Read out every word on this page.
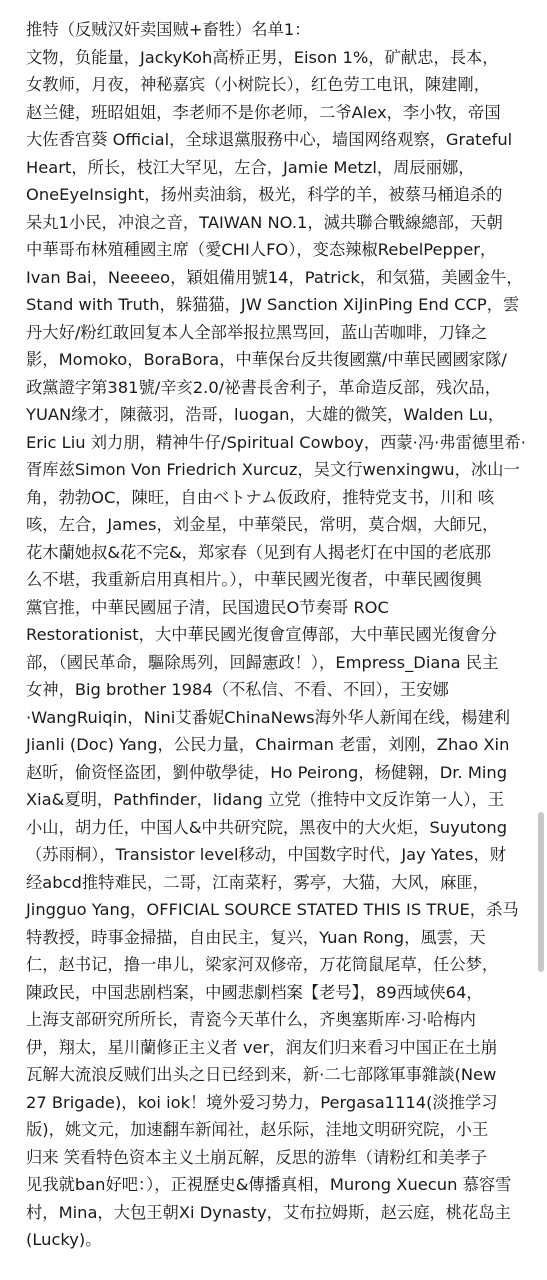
推特（反贼汉奸卖国贼+畜牲）名单1：
文物，负能量，JackyKoh高桥正男，Eison 1%，矿献忠，長本，
女教师，月夜，神秘嘉宾（小树院长），红色劳工电讯，陳建剛，
赵兰健，班昭姐姐，李老师不是你老师，二爷Alex，李小牧，帝国
大佐香宫葵 Official，全球退黨服務中心，墙国网络观察，Grateful
Heart，所长，枝江大罕见，左合，Jamie Metzl，周辰丽娜，
OneEyeInsight，扬州卖油翁，极光，科学的羊，被蔡马桶追杀的
呆丸1小民，冲浪之音，TAIWAN NO.1，滅共聯合戰線總部，天朝
中華哥布林殖種國主席（愛CHI人FO），变态辣椒RebelPepper，
Ivan Bai，Neeeeo，穎姐備用號14，Patrick，和気猫，美國金牛，
Stand with Truth，躲猫猫，JW Sanction XiJinPing End CCP，雲
丹大好/粉红敢回复本人全部举报拉黑骂回，蓝山苦咖啡，刀锋之
影，Momoko，BoraBora，中華保台反共復國黨/中華民國國家隊/
政黨證字第381號/辛亥2.0/祕書長舍利子，革命造反部，残次品，
YUAN缘才，陳薇羽，浩哥，luogan，大雄的微笑，Walden Lu，
Eric Liu 刘力朋，精神牛仔/Spiritual Cowboy，西蒙·冯·弗雷德里希·
胥库兹Simon Von Friedrich Xurcuz，吴文行wenxingwu，冰山一
角，勃勃OC，陳旺，自由ベトナム仮政府，推特党支书，川和 咳
咳，左合，James，刘金星，中華榮民，常明，莫合烟，大師兄，
花木蘭她叔&花不完&，郑家春（见到有人揭老灯在中国的老底那
么不堪，我重新启用真相片。），中華民國光復者，中華民國復興
黨官推，中華民國屈子清，民国遗民O节奏哥 ROC
Restorationist，大中華民國光復會宣傳部，大中華民國光復會分
部，（國民革命，驅除馬列，回歸憲政！），Empress_Diana 民主
女神，Big brother 1984（不私信、不看、不回），王安娜
·WangRuiqin，Nini艾番妮ChinaNews海外华人新闻在线，楊建利
Jianli (Doc) Yang，公民力量，Chairman 老雷，刘刚，Zhao Xin
赵昕，偷资怪盗团，劉仲敬學徒，Ho Peirong，杨健翱，Dr. Ming
Xia&夏明，Pathfinder，lidang 立党（推特中文反诈第一人），王
小山，胡力任，中国人&中共研究院，黑夜中的大火炬，Suyutong
（苏雨桐），Transistor level移动，中国数字时代，Jay Yates，财
经abcd推特难民，二哥，江南菜籽，雾亭，大猫，大风，麻匪，
Jingguo Yang，OFFICIAL SOURCE STATED THIS IS TRUE，杀马
特教授，時事金掃描，自由民主，复兴，Yuan Rong，風雲，天
仁，赵书记，撸一串儿，梁家河双修帝，万花筒鼠尾草，任公梦，
陳政民，中国悲剧档案，中國悲劇档案【老号】，89西域侠64，
上海支部研究所所长，青瓷今天革什么，齐奥塞斯库·习·哈梅内
伊，翔太，星川蘭修正主义者 ver，润友们归来看习中国正在土崩
瓦解大流浪反贼们出头之日已经到来，新·二七部隊軍事雜談(New
27 Brigade)，koi iok！境外爱习势力，Pergasa1114(淡推学习
版)，姚文元，加速翻车新闻社，赵乐际，洼地文明研究院，小王
归来 笑看特色资本主义土崩瓦解，反思的游隼（请粉红和美孝子
见我就ban好吧：），正視歷史&傳播真相，Murong Xuecun 慕容雪
村，Mina，大包王朝Xi Dynasty，艾布拉姆斯，赵云庭，桃花岛主
(Lucky)。
